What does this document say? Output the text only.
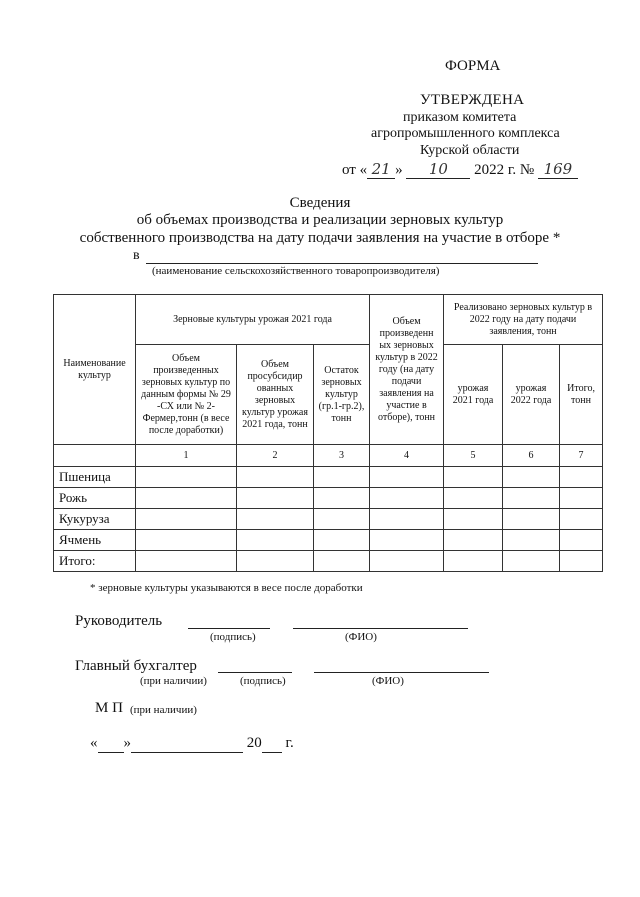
ФОРМА
УТВЕРЖДЕНА
приказом комитета
агропромышленного комплекса
Курской области
от « 21 » 10 2022 г. № 169
Сведения
об объемах производства и реализации зерновых культур
собственного производства на дату подачи заявления на участие в отборе *
в
(наименование сельскохозяйственного товаропроизводителя)
Наименование культур	Зерновые культуры урожая 2021 года			Объем произведенн ых зерновых культур в 2022 году (на дату подачи заявления на участие в отборе), тонн	Реализовано зерновых культур в 2022 году на дату подачи заявления, тонн		
	Объем произведенных зерновых культур по данным формы № 29 -СХ или № 2- Фермер,тонн (в весе после доработки)	Объем просубсидир ованных зерновых культур урожая 2021 года, тонн	Остаток зерновых культур (гр.1-гр.2), тонн		урожая 2021 года	урожая 2022 года	Итого, тонн
	1	2	3	4	5	6	7
Пшеница							
Рожь							
Кукуруза							
Ячмень							
Итого:							
* зерновые культуры указываются в весе после доработки
Руководитель
(подпись)	(ФИО)
Главный бухгалтер
(при наличии)	(подпись)	(ФИО)
М П (при наличии)
« »	20 г.
